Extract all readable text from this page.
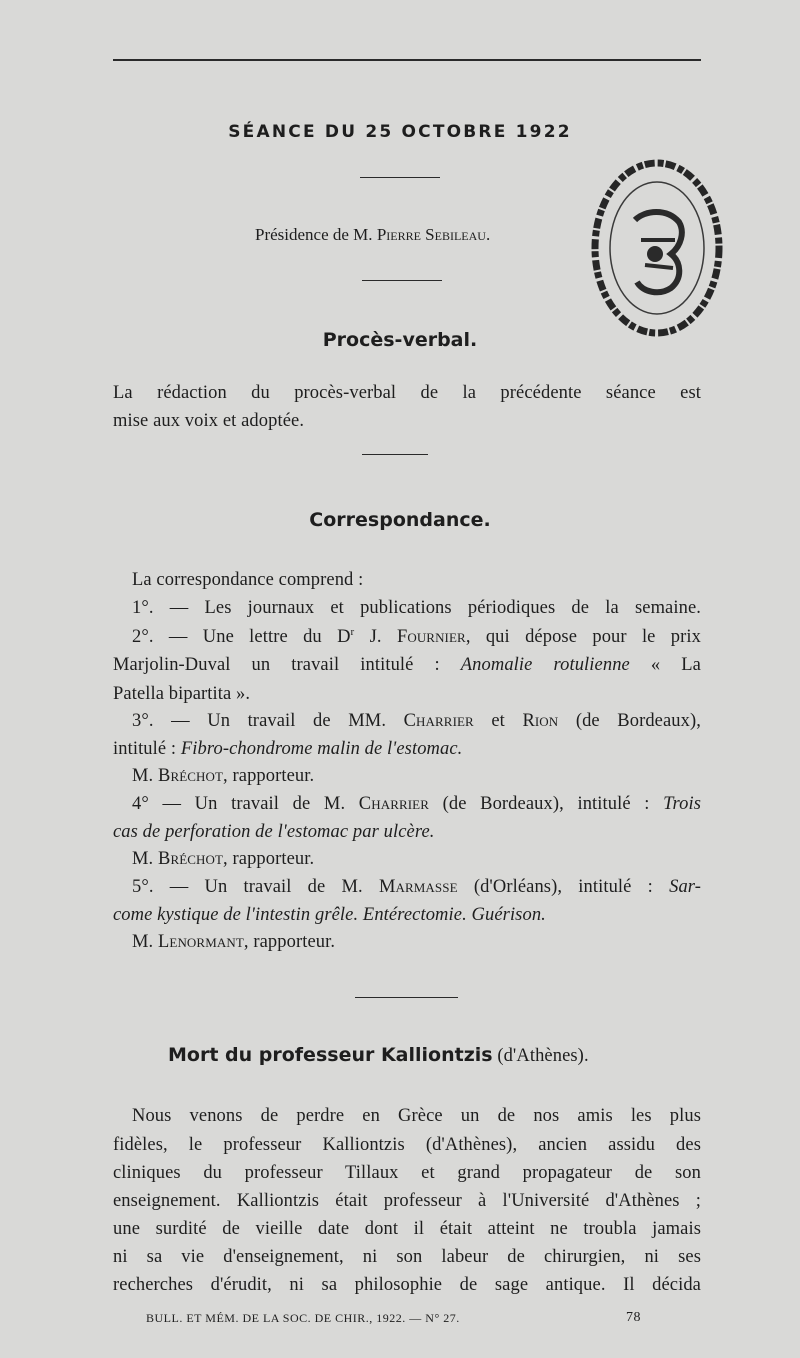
SÉANCE DU 25 OCTOBRE 1922
Présidence de M. Pierre Sebileau.
Procès-verbal.
La rédaction du procès-verbal de la précédente séance est
mise aux voix et adoptée.
Correspondance.
La correspondance comprend :
1°. — Les journaux et publications périodiques de la semaine.
2°. — Une lettre du $D^r$ J. Fournier, qui dépose pour le prix
Marjolin-Duval un travail intitulé : Anomalie rotulienne « La
Patella bipartita ».
3°. — Un travail de MM. Charrier et Rion (de Bordeaux),
intitulé : Fibro-chondrome malin de l'estomac.
M. Bréchot, rapporteur.
4° — Un travail de M. Charrier (de Bordeaux), intitulé : Trois
cas de perforation de l'estomac par ulcère.
M. Bréchot, rapporteur.
5°. — Un travail de M. Marmasse (d'Orléans), intitulé : Sar-
come kystique de l'intestin grêle. Entérectomie. Guérison.
M. Lenormant, rapporteur.
Mort du professeur Kalliontzis (d'Athènes).
Nous venons de perdre en Grèce un de nos amis les plus
fidèles, le professeur Kalliontzis (d'Athènes), ancien assidu des
cliniques du professeur Tillaux et grand propagateur de son
enseignement. Kalliontzis était professeur à l'Université d'Athènes ;
une surdité de vieille date dont il était atteint ne troubla jamais
ni sa vie d'enseignement, ni son labeur de chirurgien, ni ses
recherches d'érudit, ni sa philosophie de sage antique. Il décida
BULL. ET MÉM. DE LA SOC. DE CHIR., 1922. — N° 27.	78
